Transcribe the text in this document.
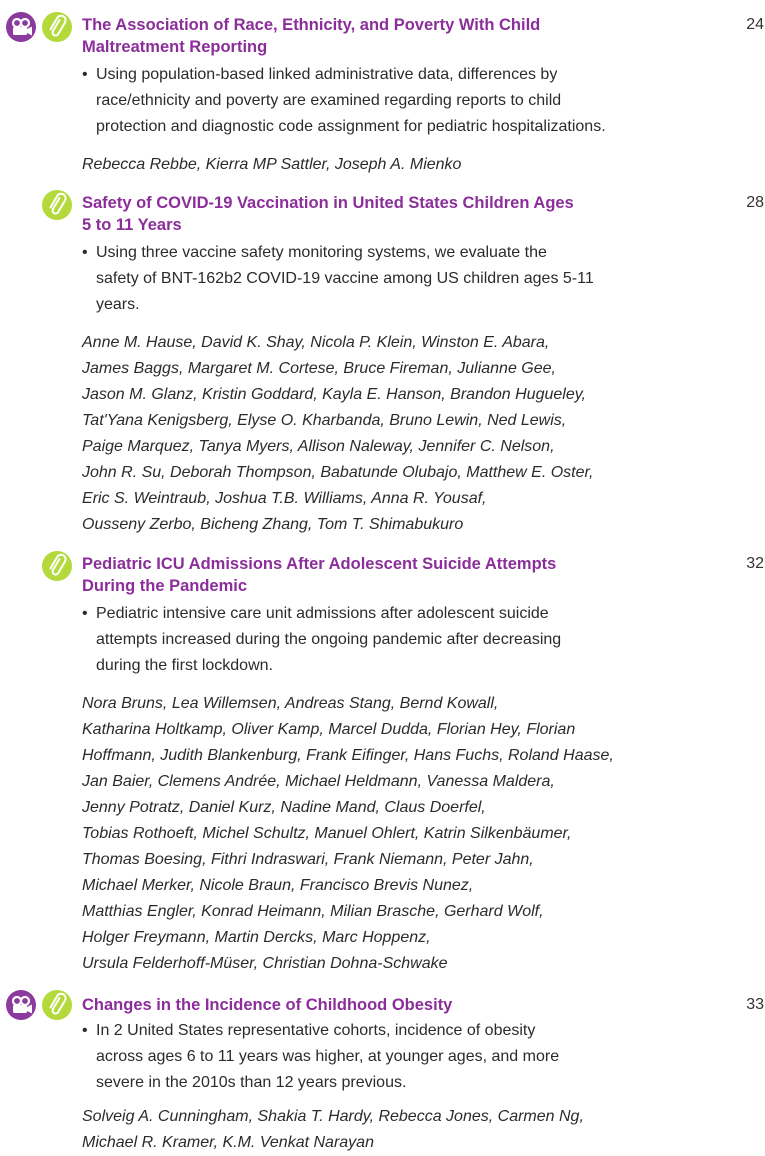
The Association of Race, Ethnicity, and Poverty With Child
Maltreatment Reporting
24
• Using population-based linked administrative data, differences by
race/ethnicity and poverty are examined regarding reports to child
protection and diagnostic code assignment for pediatric hospitalizations.
Rebecca Rebbe, Kierra MP Sattler, Joseph A. Mienko
Safety of COVID-19 Vaccination in United States Children Ages
5 to 11 Years
28
• Using three vaccine safety monitoring systems, we evaluate the
safety of BNT-162b2 COVID-19 vaccine among US children ages 5-11
years.
Anne M. Hause, David K. Shay, Nicola P. Klein, Winston E. Abara,
James Baggs, Margaret M. Cortese, Bruce Fireman, Julianne Gee,
Jason M. Glanz, Kristin Goddard, Kayla E. Hanson, Brandon Hugueley,
Tat'Yana Kenigsberg, Elyse O. Kharbanda, Bruno Lewin, Ned Lewis,
Paige Marquez, Tanya Myers, Allison Naleway, Jennifer C. Nelson,
John R. Su, Deborah Thompson, Babatunde Olubajo, Matthew E. Oster,
Eric S. Weintraub, Joshua T.B. Williams, Anna R. Yousaf,
Ousseny Zerbo, Bicheng Zhang, Tom T. Shimabukuro
Pediatric ICU Admissions After Adolescent Suicide Attempts
During the Pandemic
32
• Pediatric intensive care unit admissions after adolescent suicide
attempts increased during the ongoing pandemic after decreasing
during the first lockdown.
Nora Bruns, Lea Willemsen, Andreas Stang, Bernd Kowall,
Katharina Holtkamp, Oliver Kamp, Marcel Dudda, Florian Hey, Florian
Hoffmann, Judith Blankenburg, Frank Eifinger, Hans Fuchs, Roland Haase,
Jan Baier, Clemens Andrée, Michael Heldmann, Vanessa Maldera,
Jenny Potratz, Daniel Kurz, Nadine Mand, Claus Doerfel,
Tobias Rothoeft, Michel Schultz, Manuel Ohlert, Katrin Silkenbäumer,
Thomas Boesing, Fithri Indraswari, Frank Niemann, Peter Jahn,
Michael Merker, Nicole Braun, Francisco Brevis Nunez,
Matthias Engler, Konrad Heimann, Milian Brasche, Gerhard Wolf,
Holger Freymann, Martin Dercks, Marc Hoppenz,
Ursula Felderhoff-Müser, Christian Dohna-Schwake
Changes in the Incidence of Childhood Obesity	33
• In 2 United States representative cohorts, incidence of obesity
across ages 6 to 11 years was higher, at younger ages, and more
severe in the 2010s than 12 years previous.
Solveig A. Cunningham, Shakia T. Hardy, Rebecca Jones, Carmen Ng,
Michael R. Kramer, K.M. Venkat Narayan
